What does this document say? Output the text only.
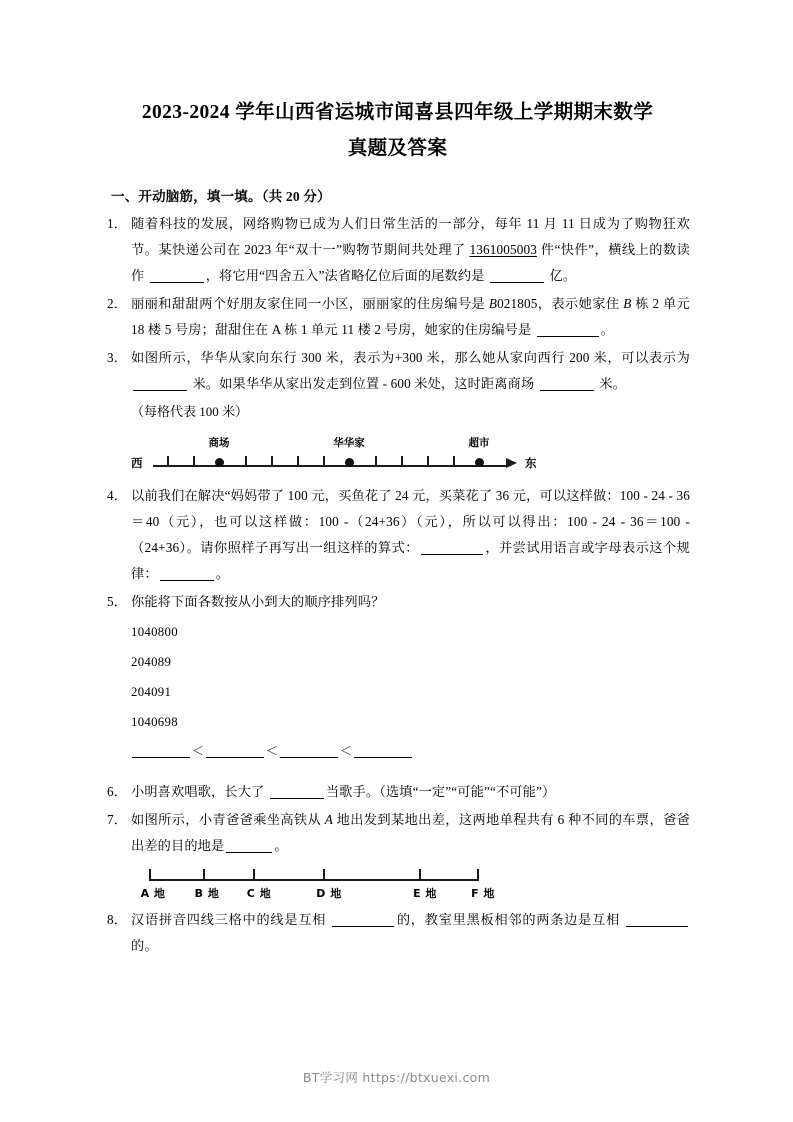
2023-2024 学年山西省运城市闻喜县四年级上学期期末数学
真题及答案
一、开动脑筋，填一填。（共 20 分）
1． 随着科技的发展，网络购物已成为人们日常生活的一部分，每年 11 月 11 日成为了购物狂欢节。某快递公司在 2023 年“双十一”购物节期间共处理了 1361005003 件“快件”，横线上的数读作	，将它用“四舍五入”法省略亿位后面的尾数约是	亿。
2． 丽丽和甜甜两个好朋友家住同一小区，丽丽家的住房编号是 B021805，表示她家住 B 栋 2 单元 18 楼 5 号房；甜甜住在 A 栋 1 单元 11 楼 2 号房，她家的住房编号是	。
3． 如图所示，华华从家向东行 300 米，表示为+300 米，那么她从家向西行 200 米，可以表示为  米。如果华华从家出发走到位置 - 600 米处，这时距离商场	米。
（每格代表 100 米）
西	东
商场	华华家	超市
4． 以前我们在解决“妈妈带了 100 元，买鱼花了 24 元，买菜花了 36 元，可以这样做：100 - 24 - 36＝40（元），也可以这样做：100 -（24+36）（元），所以可以得出：100 - 24 - 36＝100 -（24+36）。请你照样子再写出一组这样的算式：	，并尝试用语言或字母表示这个规律：	。
5． 你能将下面各数按从小到大的顺序排列吗？
1040800
204089
204091
1040698
＜	＜	＜
6． 小明喜欢唱歌，长大了	当歌手。（选填“一定”“可能”“不可能”）
7． 如图所示，小青爸爸乘坐高铁从 A 地出发到某地出差，这两地单程共有 6 种不同的车票，爸爸出差的目的地是	。
A 地	B 地 C 地	D 地	E 地	F 地
8． 汉语拼音四线三格中的线是互相	的，教室里黑板相邻的两条边是互相 的。
BT学习网 https://btxuexi.com
